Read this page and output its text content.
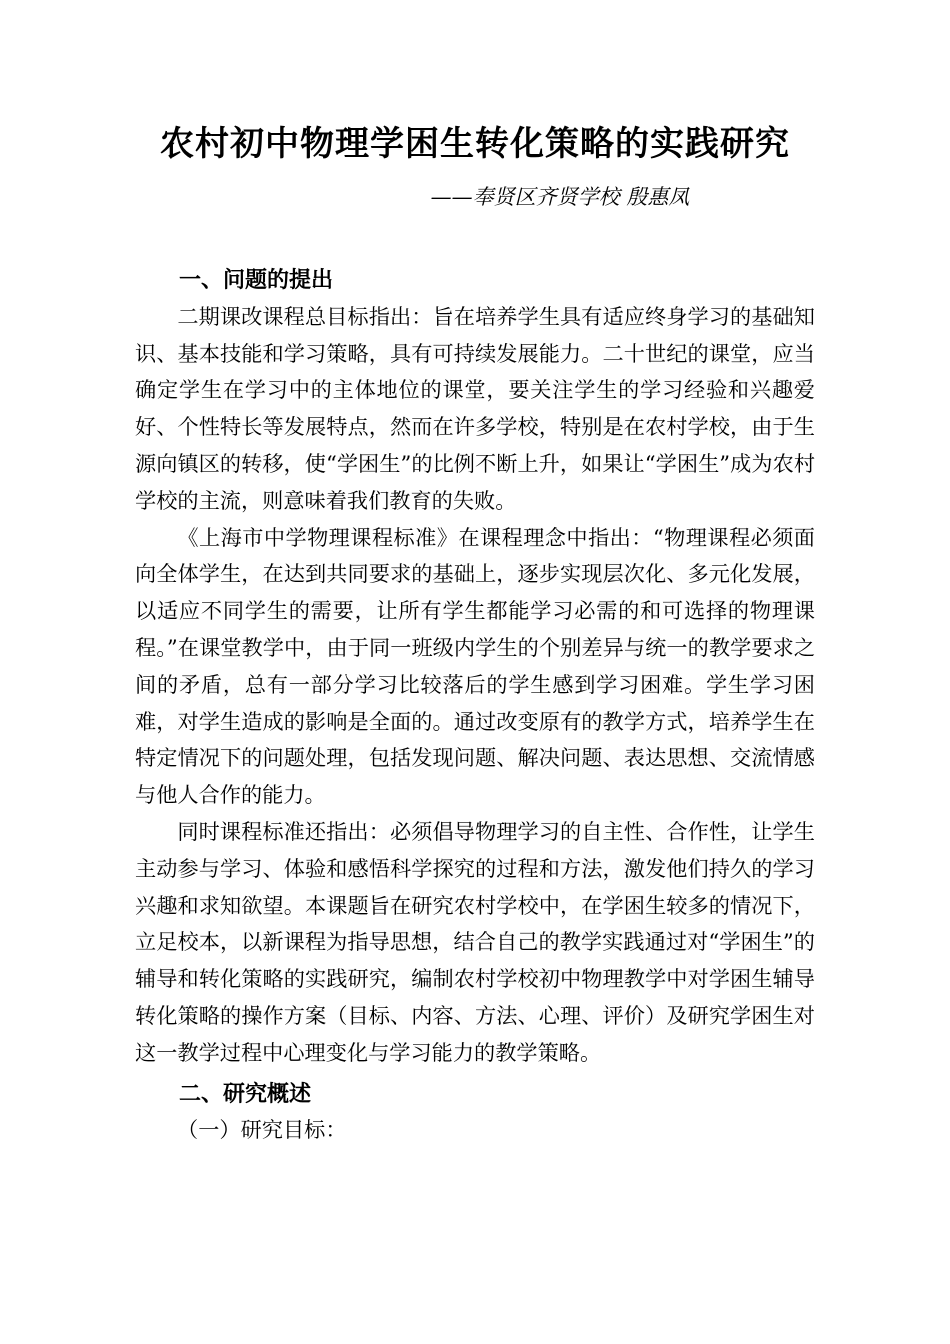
农村初中物理学困生转化策略的实践研究

——奉贤区齐贤学校 殷惠凤

一、问题的提出

二期课改课程总目标指出：旨在培养学生具有适应终身学习的基础知识、基本技能和学习策略，具有可持续发展能力。二十世纪的课堂，应当确定学生在学习中的主体地位的课堂，要关注学生的学习经验和兴趣爱好、个性特长等发展特点，然而在许多学校，特别是在农村学校，由于生源向镇区的转移，使“学困生”的比例不断上升，如果让“学困生”成为农村学校的主流，则意味着我们教育的失败。

《上海市中学物理课程标准》在课程理念中指出：“物理课程必须面向全体学生，在达到共同要求的基础上，逐步实现层次化、多元化发展，以适应不同学生的需要，让所有学生都能学习必需的和可选择的物理课程。”在课堂教学中，由于同一班级内学生的个别差异与统一的教学要求之间的矛盾，总有一部分学习比较落后的学生感到学习困难。学生学习困难，对学生造成的影响是全面的。通过改变原有的教学方式，培养学生在特定情况下的问题处理，包括发现问题、解决问题、表达思想、交流情感与他人合作的能力。

同时课程标准还指出：必须倡导物理学习的自主性、合作性，让学生主动参与学习、体验和感悟科学探究的过程和方法，激发他们持久的学习兴趣和求知欲望。本课题旨在研究农村学校中，在学困生较多的情况下，立足校本，以新课程为指导思想，结合自己的教学实践通过对“学困生”的辅导和转化策略的实践研究，编制农村学校初中物理教学中对学困生辅导转化策略的操作方案（目标、内容、方法、心理、评价）及研究学困生对这一教学过程中心理变化与学习能力的教学策略。

二、研究概述

（一）研究目标：
